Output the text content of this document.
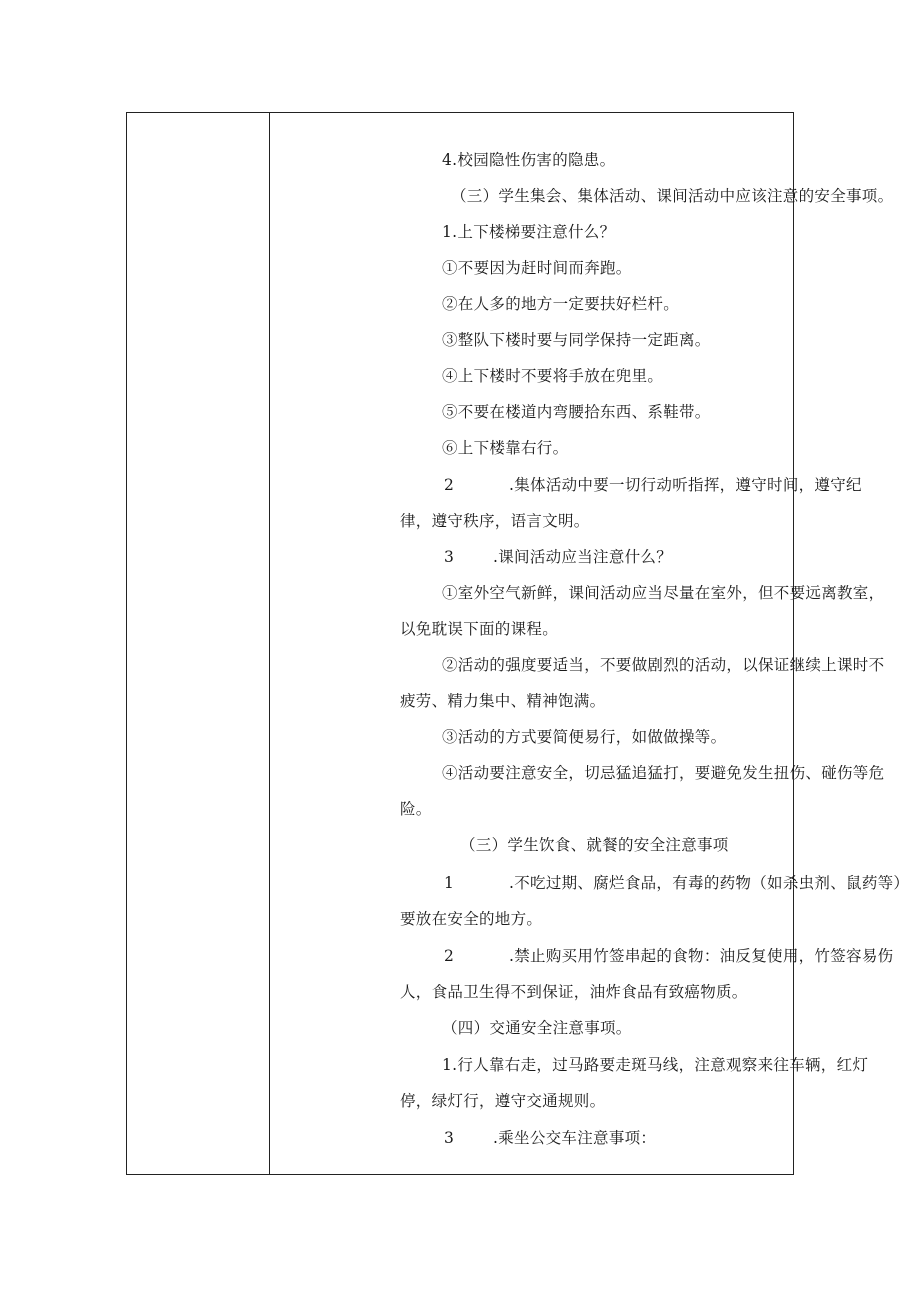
4.校园隐性伤害的隐患。
（三）学生集会、集体活动、课间活动中应该注意的安全事项。
1.上下楼梯要注意什么？
①不要因为赶时间而奔跑。
②在人多的地方一定要扶好栏杆。
③整队下楼时要与同学保持一定距离。
④上下楼时不要将手放在兜里。
⑤不要在楼道内弯腰拾东西、系鞋带。
⑥上下楼靠右行。
2	.集体活动中要一切行动听指挥，遵守时间，遵守纪
律，遵守秩序，语言文明。
3	.课间活动应当注意什么？
①室外空气新鲜，课间活动应当尽量在室外，但不要远离教室，
以免耽误下面的课程。
②活动的强度要适当，不要做剧烈的活动，以保证继续上课时不
疲劳、精力集中、精神饱满。
③活动的方式要简便易行，如做做操等。
④活动要注意安全，切忌猛追猛打，要避免发生扭伤、碰伤等危
险。
（三）学生饮食、就餐的安全注意事项
1	.不吃过期、腐烂食品，有毒的药物（如杀虫剂、鼠药等）
要放在安全的地方。
2	.禁止购买用竹签串起的食物：油反复使用，竹签容易伤
人，食品卫生得不到保证，油炸食品有致癌物质。
（四）交通安全注意事项。
1.行人靠右走，过马路要走斑马线，注意观察来往车辆，红灯
停，绿灯行，遵守交通规则。
3	.乘坐公交车注意事项：
